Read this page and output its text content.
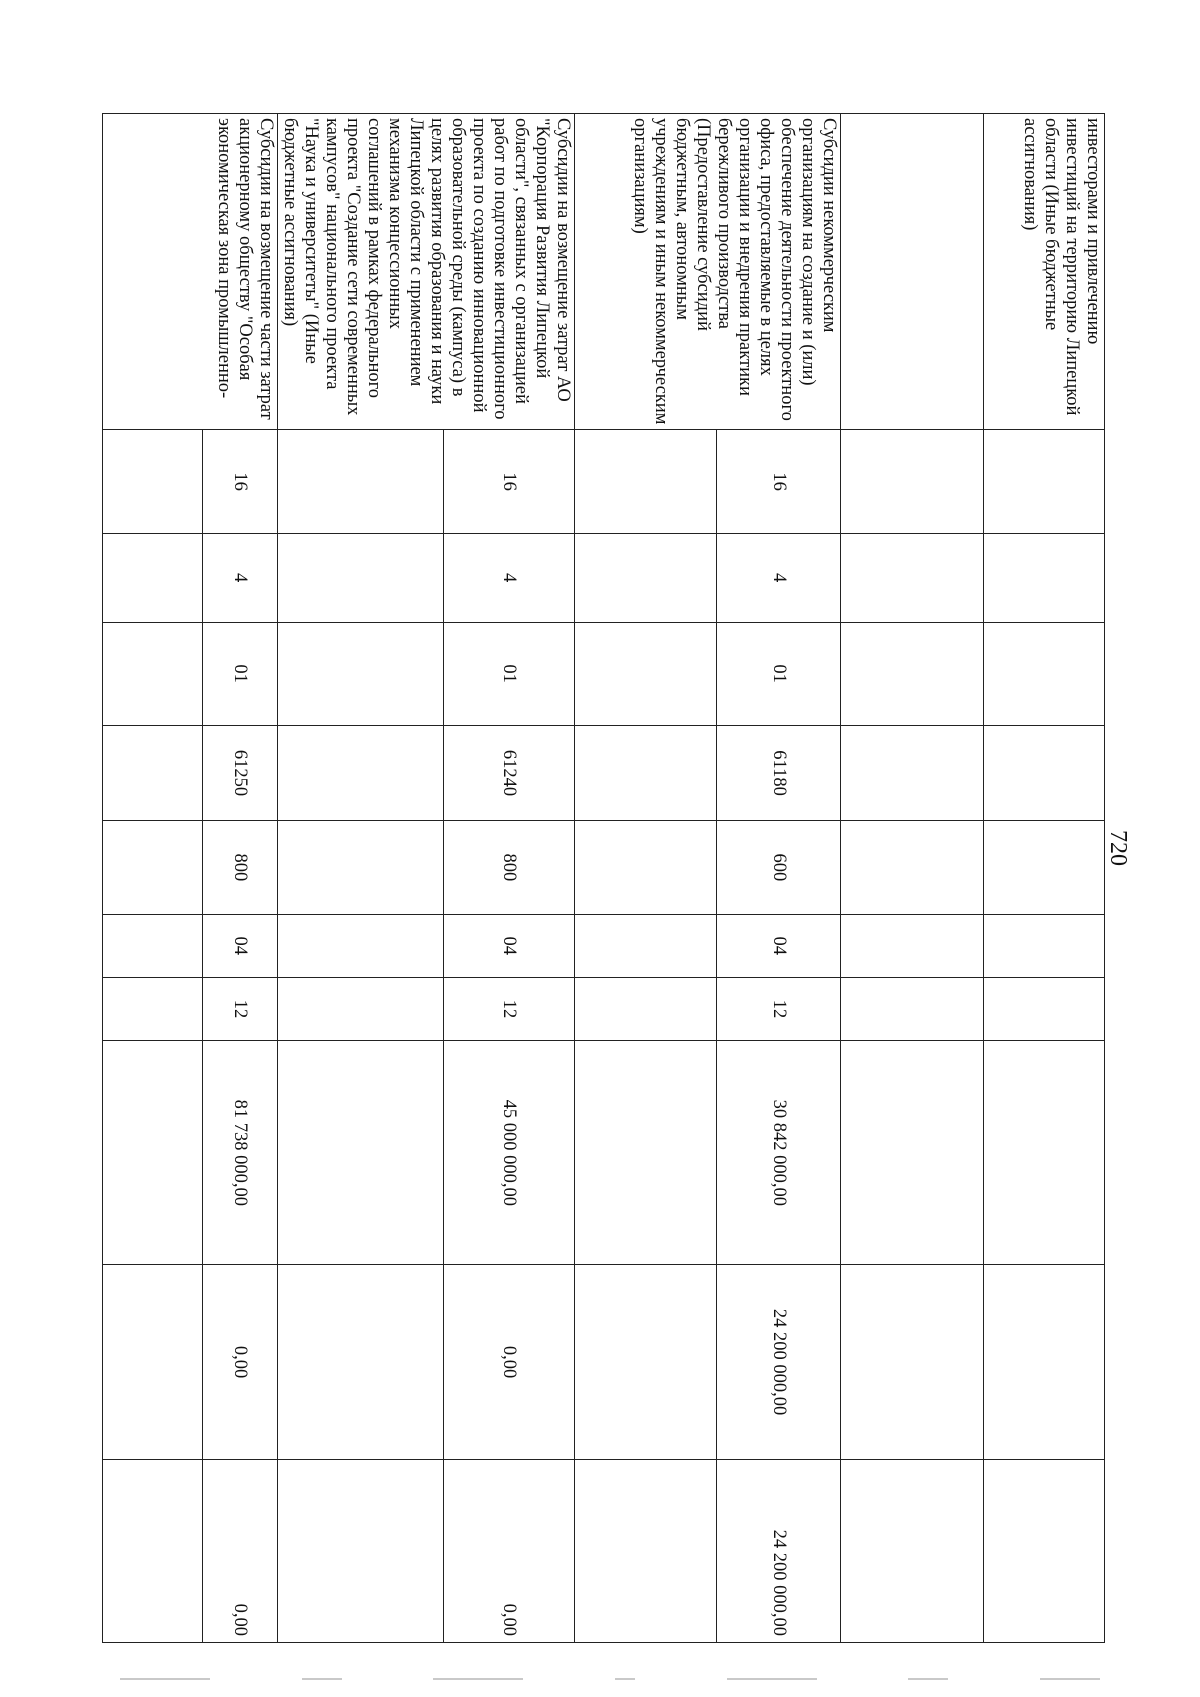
720
инвесторами и привлечению инвестиций на территорию Липецкой области (Иные бюджетные ассигнования)										

Субсидии некоммерческим организациям на создание и (или) обеспечение деятельности проектного офиса, предоставляемые в целях организации и внедрения практики бережливого производства (Предоставление субсидий бюджетным, автономным учреждениям и иным некоммерческим организациям)	16	4	01	61180	600	04	12	30 842 000,00	24 200 000,00	24 200 000,00

Субсидии на возмещение затрат АО "Корпорация Развития Липецкой области", связанных с организацией работ по подготовке инвестиционного проекта по созданию инновационной образовательной среды (кампуса) в целях развития образования и науки Липецкой области с применением механизма концессионных соглашений в рамках федерального проекта "Создание сети современных кампусов" национального проекта "Наука и университеты" (Иные бюджетные ассигнования)	16	4	01	61240	800	04	12	45 000 000,00	0,00	0,00

Субсидии на возмещение части затрат акционерному обществу "Особая экономическая зона промышленно-	16	4	01	61250	800	04	12	81 738 000,00	0,00	0,00
